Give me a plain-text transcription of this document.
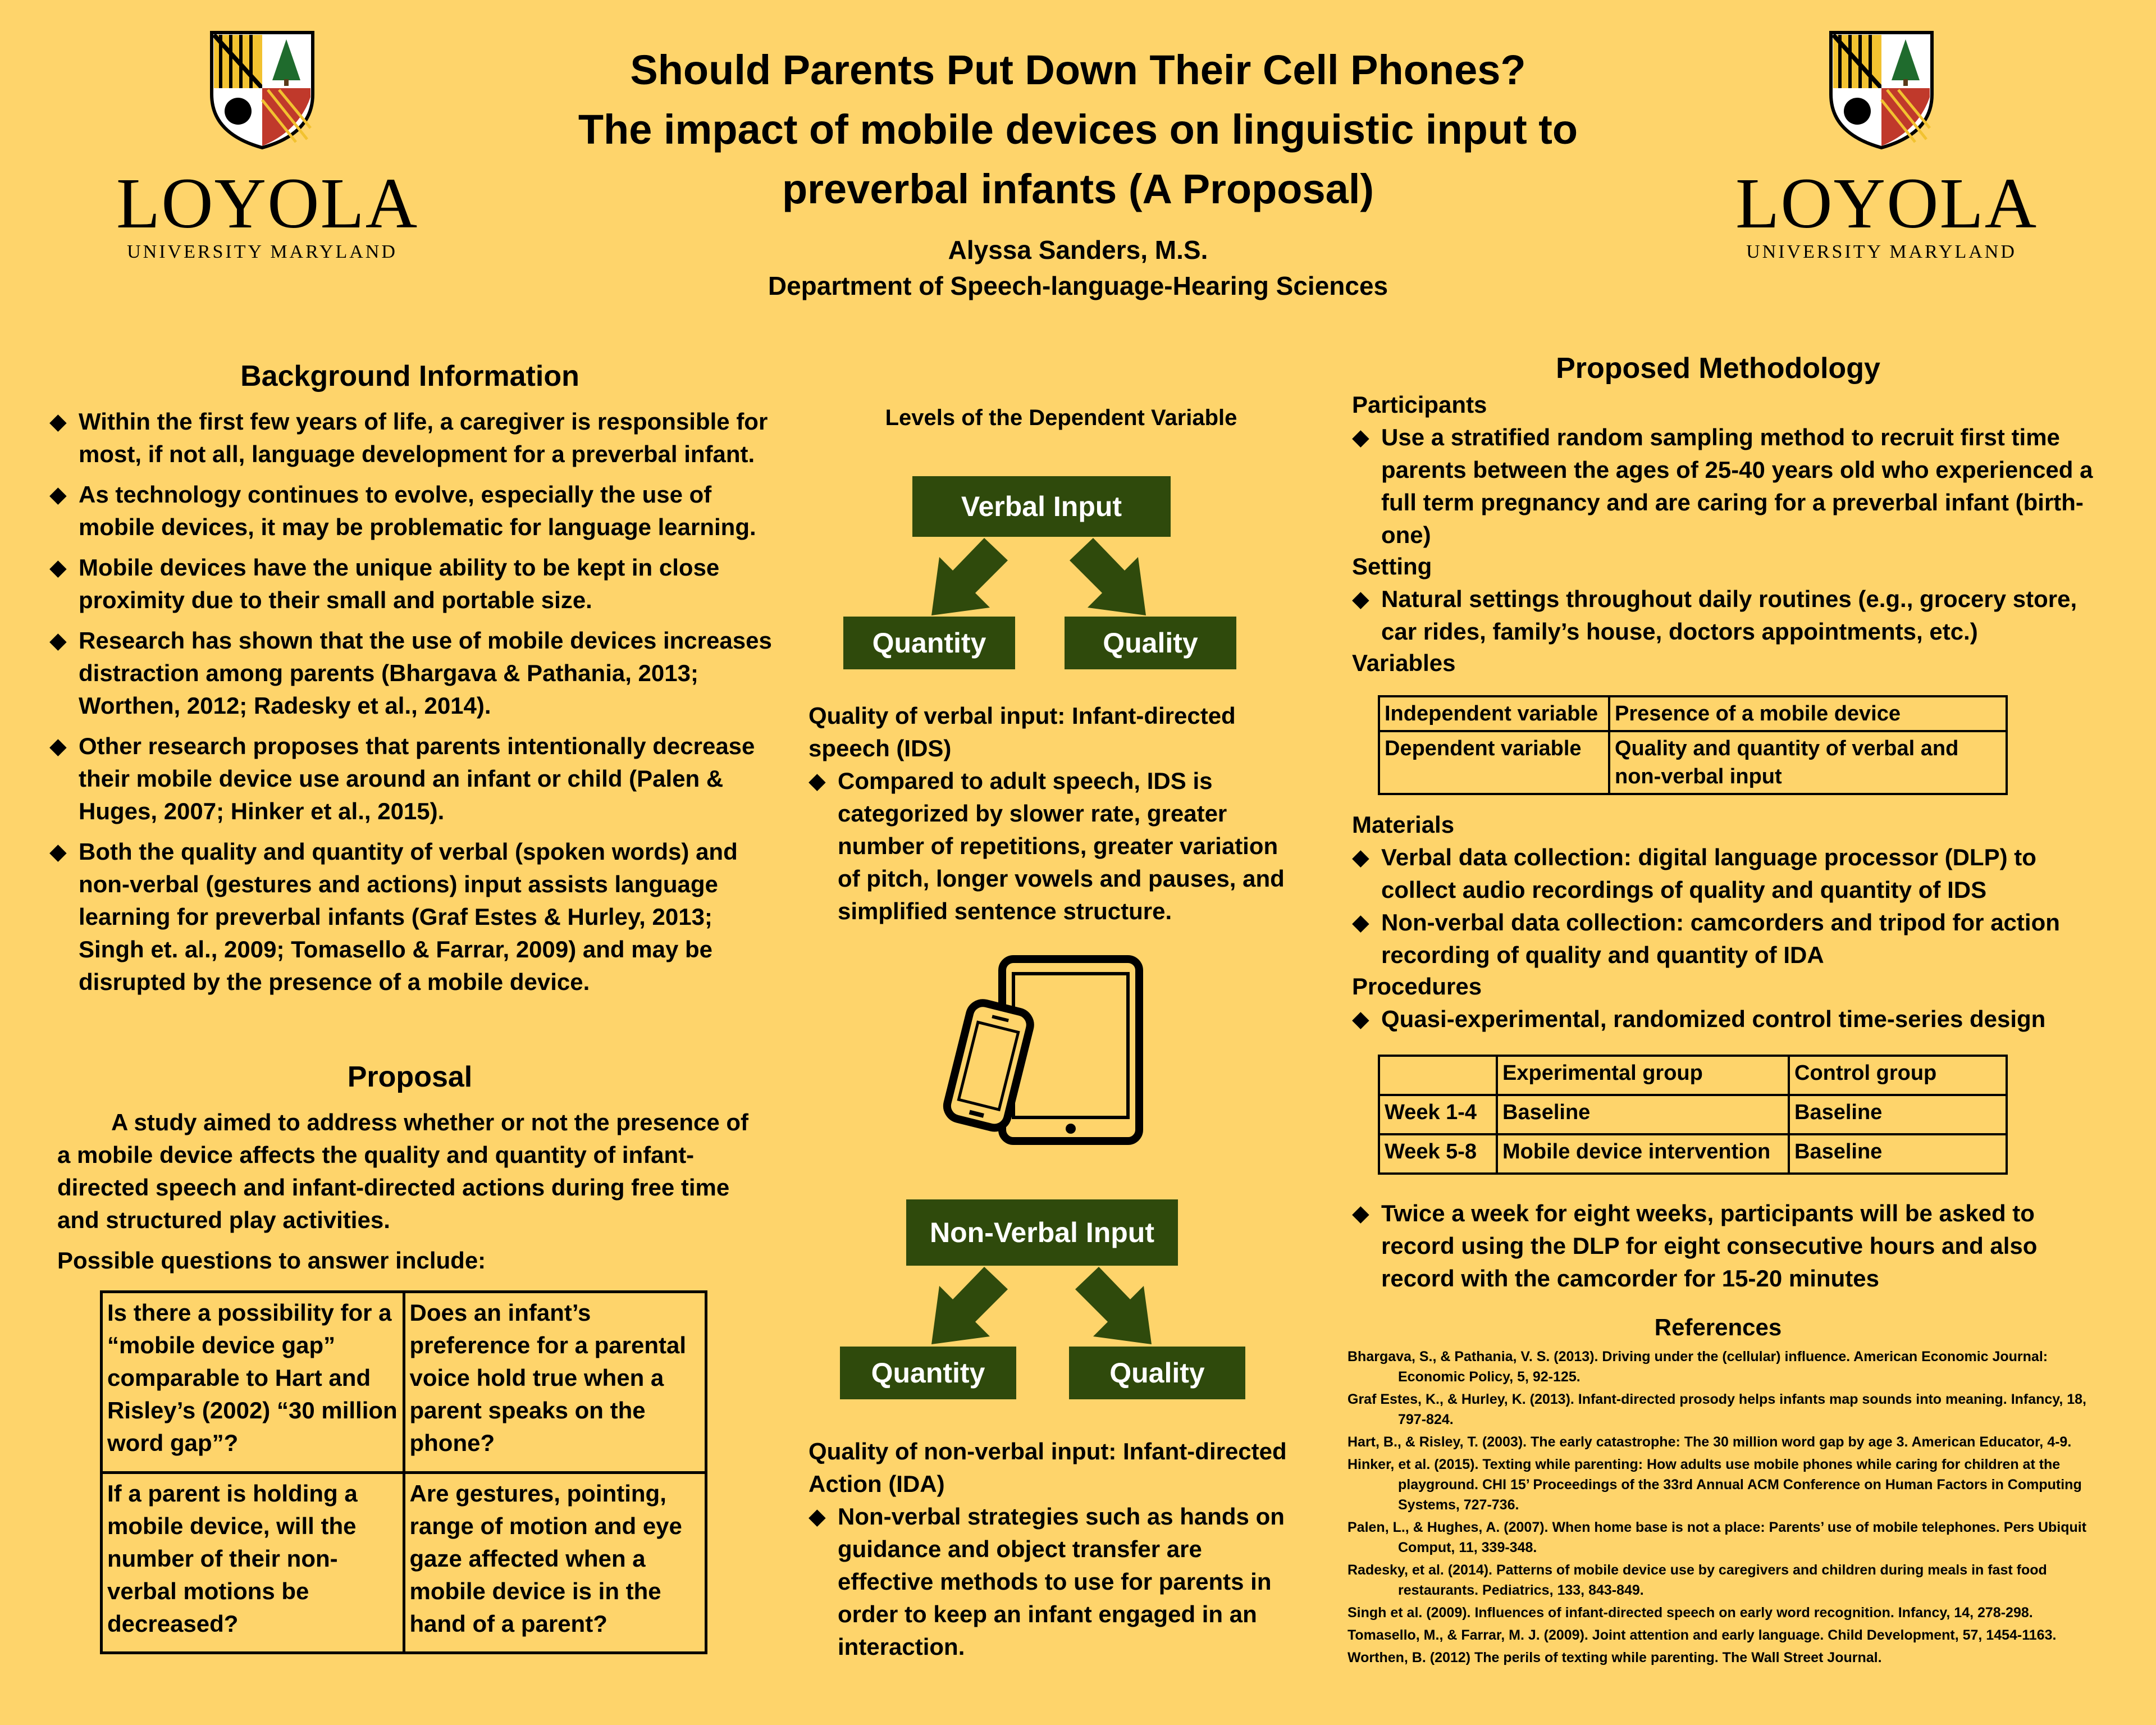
Should Parents Put Down Their Cell Phones?
The impact of mobile devices on linguistic input to
preverbal infants (A Proposal)
Alyssa Sanders, M.S.
Department of Speech-language-Hearing Sciences
LOYOLA
UNIVERSITY MARYLAND
LOYOLA
UNIVERSITY MARYLAND
Background Information
◆ Within the first few years of life, a caregiver is responsible for most, if not all, language development for a preverbal infant.
◆ As technology continues to evolve, especially the use of mobile devices, it may be problematic for language learning.
◆ Mobile devices have the unique ability to be kept in close proximity due to their small and portable size.
◆ Research has shown that the use of mobile devices increases distraction among parents (Bhargava & Pathania, 2013; Worthen, 2012; Radesky et al., 2014).
◆ Other research proposes that parents intentionally decrease their mobile device use around an infant or child (Palen & Huges, 2007; Hinker et al., 2015).
◆ Both the quality and quantity of verbal (spoken words) and non-verbal (gestures and actions) input assists language learning for preverbal infants (Graf Estes & Hurley, 2013; Singh et. al., 2009; Tomasello & Farrar, 2009) and may be disrupted by the presence of a mobile device.
Proposal
A study aimed to address whether or not the presence of a mobile device affects the quality and quantity of infant-directed speech and infant-directed actions during free time and structured play activities.
Possible questions to answer include:
Is there a possibility for a “mobile device gap” comparable to Hart and Risley’s (2002) “30 million word gap”?	Does an infant’s preference for a parental voice hold true when a parent speaks on the phone?
If a parent is holding a mobile device, will the number of their non-verbal motions be decreased?	Are gestures, pointing, range of motion and eye gaze affected when a mobile device is in the hand of a parent?
Levels of the Dependent Variable
Verbal Input
Quantity	Quality
Quality of verbal input: Infant-directed speech (IDS)
◆ Compared to adult speech, IDS is categorized by slower rate, greater number of repetitions, greater variation of pitch, longer vowels and pauses, and simplified sentence structure.
Non-Verbal Input
Quantity	Quality
Quality of non-verbal input: Infant-directed Action (IDA)
◆ Non-verbal strategies such as hands on guidance and object transfer are effective methods to use for parents in order to keep an infant engaged in an interaction.
Proposed Methodology
Participants
◆ Use a stratified random sampling method to recruit first time parents between the ages of 25-40 years old who experienced a full term pregnancy and are caring for a preverbal infant (birth-one)
Setting
◆ Natural settings throughout daily routines (e.g., grocery store, car rides, family’s house, doctors appointments, etc.)
Variables
Independent variable	Presence of a mobile device
Dependent variable	Quality and quantity of verbal and non-verbal input
Materials
◆ Verbal data collection: digital language processor (DLP) to collect audio recordings of quality and quantity of IDS
◆ Non-verbal data collection: camcorders and tripod for action recording of quality and quantity of IDA
Procedures
◆ Quasi-experimental, randomized control time-series design
	Experimental group	Control group
Week 1-4	Baseline	Baseline
Week 5-8	Mobile device intervention	Baseline
◆ Twice a week for eight weeks, participants will be asked to record using the DLP for eight consecutive hours and also record with the camcorder for 15-20 minutes
References

Bhargava, S., & Pathania, V. S. (2013). Driving under the (cellular) influence. American Economic Journal: Economic Policy, 5, 92-125.

Graf Estes, K., & Hurley, K. (2013). Infant-directed prosody helps infants map sounds into meaning. Infancy, 18, 797-824.

Hart, B., & Risley, T. (2003). The early catastrophe: The 30 million word gap by age 3. American Educator, 4-9.

Hinker, et al. (2015). Texting while parenting: How adults use mobile phones while caring for children at the playground. CHI 15’ Proceedings of the 33rd Annual ACM Conference on Human Factors in Computing Systems, 727-736.

Palen, L., & Hughes, A. (2007). When home base is not a place: Parents’ use of mobile telephones. Pers Ubiquit Comput, 11, 339-348.

Radesky, et al. (2014). Patterns of mobile device use by caregivers and children during meals in fast food restaurants. Pediatrics, 133, 843-849.

Singh et al. (2009). Influences of infant-directed speech on early word recognition. Infancy, 14, 278-298.

Tomasello, M., & Farrar, M. J. (2009). Joint attention and early language. Child Development, 57, 1454-1163.

Worthen, B. (2012) The perils of texting while parenting. The Wall Street Journal.
